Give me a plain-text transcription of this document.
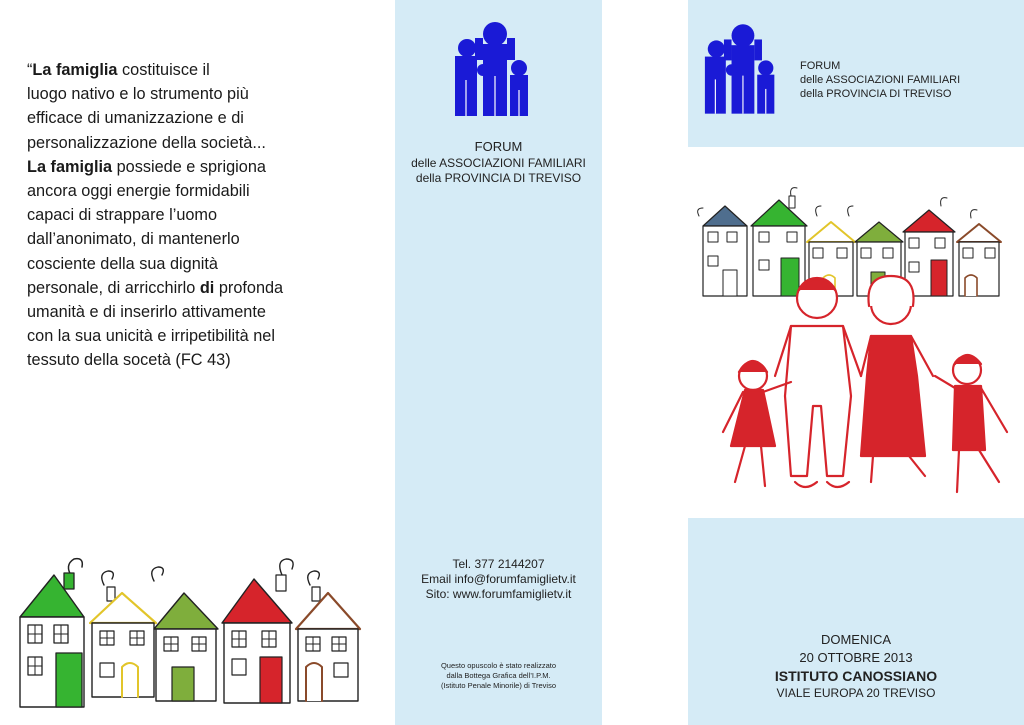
“La famiglia costituisce il
luogo nativo e lo strumento più
efficace di umanizzazione e di
personalizzazione della società...
La famiglia possiede e sprigiona
ancora oggi energie formidabili
capaci di strappare l’uomo
dall’anonimato, di mantenerlo
cosciente della sua dignità
personale, di arricchirlo di profonda
umanità e di inserirlo attivamente
con la sua unicità e irripetibilità nel
tessuto della socetà (FC 43)
FORUM
delle ASSOCIAZIONI FAMILIARI
della PROVINCIA DI TREVISO
Tel. 377 2144207
Email info@forumfamiglietv.it
Sito: www.forumfamiglietv.it
Questo opuscolo è stato realizzato
dalla Bottega Grafica dell’I.P.M.
(Istituto Penale Minorile) di Treviso
FORUM
delle ASSOCIAZIONI FAMILIARI
della PROVINCIA DI TREVISO
DOMENICA
20 OTTOBRE 2013
ISTITUTO CANOSSIANO
VIALE EUROPA 20 TREVISO
